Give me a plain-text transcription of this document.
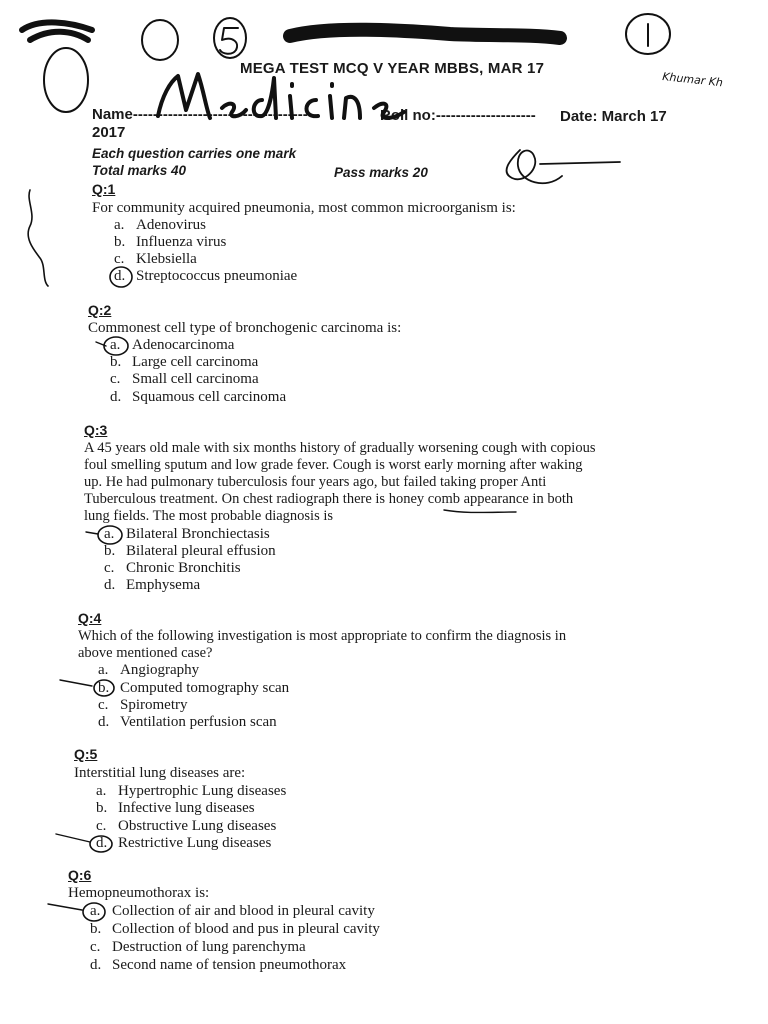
MEGA TEST MCQ V YEAR MBBS, MAR 17
Name------------------------------------	Roll no:-------------------- Date: March 17
2017
Each question carries one mark
Total marks 40	Pass marks 20
Q:1
For community acquired pneumonia, most common microorganism is:
a. Adenovirus
b. Influenza virus
c. Klebsiella
d. Streptococcus pneumoniae
Q:2
Commonest cell type of bronchogenic carcinoma is:
a. Adenocarcinoma
b. Large cell carcinoma
c. Small cell carcinoma
d. Squamous cell carcinoma
Q:3
A 45 years old male with six months history of gradually worsening cough with copious
foul smelling sputum and low grade fever. Cough is worst early morning after waking
up. He had pulmonary tuberculosis four years ago, but failed taking proper Anti
Tuberculous treatment. On chest radiograph there is honey comb appearance in both
lung fields. The most probable diagnosis is
a. Bilateral Bronchiectasis
b. Bilateral pleural effusion
c. Chronic Bronchitis
d. Emphysema
Q:4
Which of the following investigation is most appropriate to confirm the diagnosis in
above mentioned case?
a. Angiography
b. Computed tomography scan
c. Spirometry
d. Ventilation perfusion scan
Q:5
Interstitial lung diseases are:
a. Hypertrophic Lung diseases
b. Infective lung diseases
c. Obstructive Lung diseases
d. Restrictive Lung diseases
Q:6
Hemopneumothorax is:
a. Collection of air and blood in pleural cavity
b. Collection of blood and pus in pleural cavity
c. Destruction of lung parenchyma
d. Second name of tension pneumothorax
Khumar Kh
